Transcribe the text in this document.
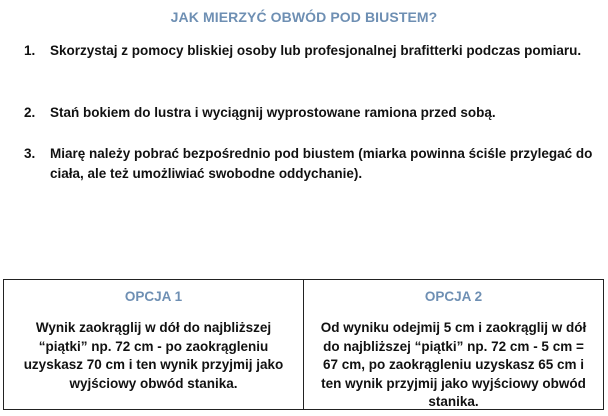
JAK MIERZYĆ OBWÓD POD BIUSTEM?
1. Skorzystaj z pomocy bliskiej osoby lub profesjonalnej brafitterki podczas pomiaru.
2. Stań bokiem do lustra i wyciągnij wyprostowane ramiona przed sobą.
3. Miarę należy pobrać bezpośrednio pod biustem (miarka powinna ściśle przylegać do ciała, ale też umożliwiać swobodne oddychanie).
OPCJA 1
Wynik zaokrąglij w dół do najbliższej “piątki” np. 72 cm - po zaokrągleniu uzyskasz 70 cm i ten wynik przyjmij jako wyjściowy obwód stanika.
OPCJA 2
Od wyniku odejmij 5 cm i zaokrąglij w dół do najbliższej “piątki” np. 72 cm - 5 cm = 67 cm, po zaokrągleniu uzyskasz 65 cm i ten wynik przyjmij jako wyjściowy obwód stanika.
